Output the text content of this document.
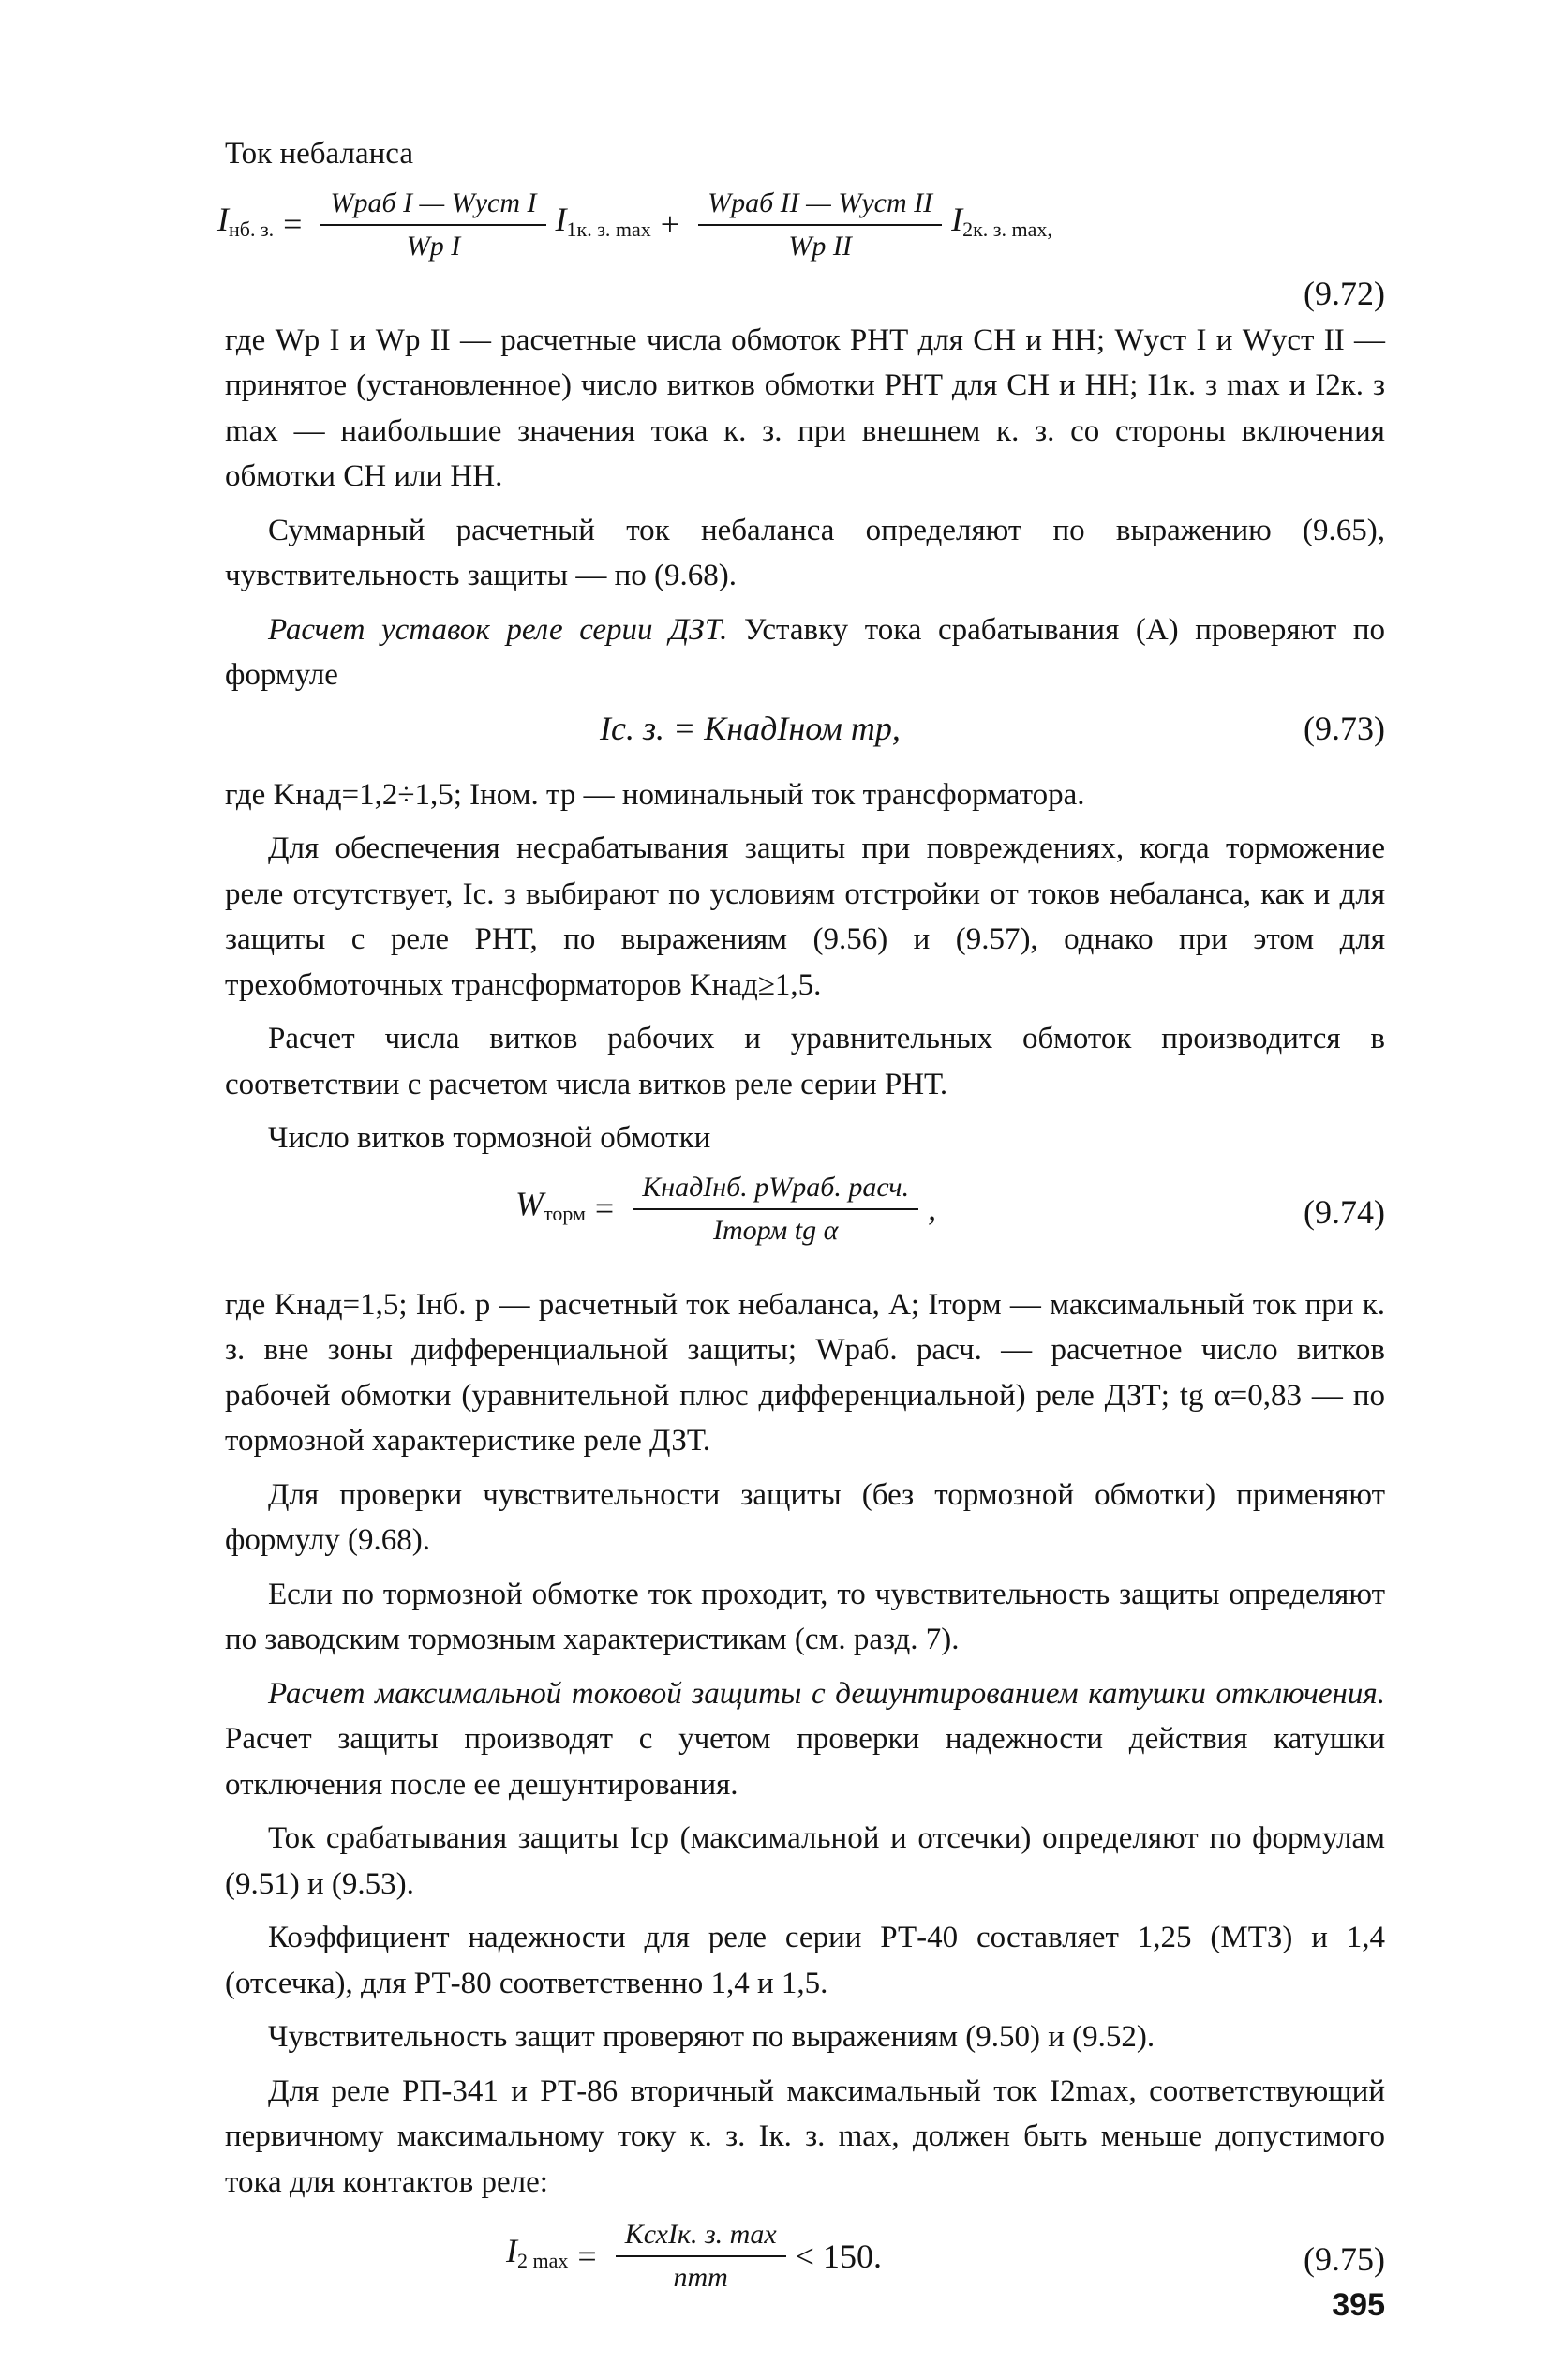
Ток небаланса

$I_{нб. з.} = \frac{\text{Wраб I — Wуст I}}{\text{Wр I}} I_{1к. з. max} + \frac{\text{Wраб II — Wуст II}}{\text{Wр II}} I_{2к. з. max,}$
(9.72)

где Wр I и Wр II — расчетные числа обмоток РНТ для СН и НН; Wуст I и Wуст II — принятое (установленное) число витков обмотки РНТ для СН и НН; I1к. з max и I2к. з max — наибольшие значения тока к. з. при внешнем к. з. со стороны включения обмотки СН или НН.

Суммарный расчетный ток небаланса определяют по выражению (9.65), чувствительность защиты — по (9.68).

Расчет уставок реле серии ДЗТ. Уставку тока срабатывания (А) проверяют по формуле

Iс. з. = KнадIном тр,	(9.73)

где Kнад=1,2÷1,5; Iном. тр — номинальный ток трансформатора.

Для обеспечения несрабатывания защиты при повреждениях, когда торможение реле отсутствует, Iс. з выбирают по условиям отстройки от токов небаланса, как и для защиты с реле РНТ, по выражениям (9.56) и (9.57), однако при этом для трехобмоточных трансформаторов Kнад≥1,5.

Расчет числа витков рабочих и уравнительных обмоток производится в соответствии с расчетом числа витков реле серии РНТ.

Число витков тормозной обмотки

$W_{торм} = \frac{\text{KнадIнб. рWраб. расч.}}{\text{Iторм tg α}}$ ,	(9.74)

где Kнад=1,5; Iнб. р — расчетный ток небаланса, А; Iторм — максимальный ток при к. з. вне зоны дифференциальной защиты; Wраб. расч. — расчетное число витков рабочей обмотки (уравнительной плюс дифференциальной) реле ДЗТ; tg α=0,83 — по тормозной характеристике реле ДЗТ.

Для проверки чувствительности защиты (без тормозной обмотки) применяют формулу (9.68).

Если по тормозной обмотке ток проходит, то чувствительность защиты определяют по заводским тормозным характеристикам (см. разд. 7).

Расчет максимальной токовой защиты с дешунтированием катушки отключения. Расчет защиты производят с учетом проверки надежности действия катушки отключения после ее дешунтирования.

Ток срабатывания защиты Iср (максимальной и отсечки) определяют по формулам (9.51) и (9.53).

Коэффициент надежности для реле серии РТ-40 составляет 1,25 (МТЗ) и 1,4 (отсечка), для РТ-80 соответственно 1,4 и 1,5.

Чувствительность защит проверяют по выражениям (9.50) и (9.52).

Для реле РП-341 и РТ-86 вторичный максимальный ток I2max, соответствующий первичному максимальному току к. з. Iк. з. max, должен быть меньше допустимого тока для контактов реле:

$I_{2 max} = \frac{\text{KсхIк. з. max}}{\text{nтт}} < 150$.	(9.75)
395
